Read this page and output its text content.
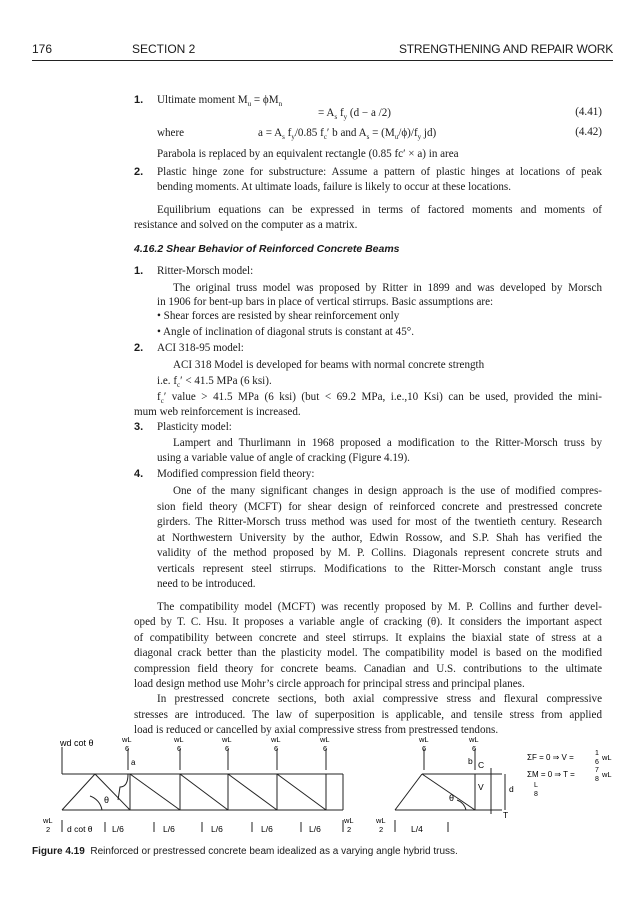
176	SECTION 2	STRENGTHENING AND REPAIR WORK
1. Ultimate moment $M_u = \phi M_n$
= $A_s$ $f_y$ (d − a /2)	(4.41)
where	$a = A_s$ $f_y/0.85$ $f_c'$ b and $A_s = (M_u/\phi)/f_y$ jd)	(4.42)
Parabola is replaced by an equivalent rectangle (0.85 fc′ × a) in area
2. Plastic hinge zone for substructure: Assume a pattern of plastic hinges at locations of peak
bending moments. At ultimate loads, failure is likely to occur at these locations.
Equilibrium equations can be expressed in terms of factored moments and moments of
resistance and solved on the computer as a matrix.
4.16.2 Shear Behavior of Reinforced Concrete Beams
1. Ritter-Morsch model:
The original truss model was proposed by Ritter in 1899 and was developed by Morsch
in 1906 for bent-up bars in place of vertical stirrups. Basic assumptions are:
• Shear forces are resisted by shear reinforcement only
• Angle of inclination of diagonal struts is constant at 45°.
2. ACI 318-95 model:
ACI 318 Model is developed for beams with normal concrete strength
i.e. $f_c' < 41.5$ MPa (6 ksi).
$f_c'$ value > 41.5 MPa (6 ksi) (but < 69.2 MPa, i.e.,10 Ksi) can be used, provided the mini-
mum web reinforcement is increased.
3. Plasticity model:
Lampert and Thurlimann in 1968 proposed a modification to the Ritter-Morsch truss by
using a variable value of angle of cracking (Figure 4.19).
4. Modified compression field theory:
One of the many significant changes in design approach is the use of modified compres-
sion field theory (MCFT) for shear design of reinforced concrete and prestressed concrete
girders. The Ritter-Morsch truss method was used for most of the twentieth century. Research
at Northwestern University by the author, Edwin Rossow, and S.P. Shah has verified the
validity of the method proposed by M. P. Collins. Diagonals represent concrete struts and
verticals represent steel stirrups. Modifications to the Ritter-Morsch constant angle truss
need to be introduced.
The compatibility model (MCFT) was recently proposed by M. P. Collins and further devel-
oped by T. C. Hsu. It proposes a variable angle of cracking (θ). It considers the important aspect
of compatibility between concrete and steel stirrups. It explains the biaxial state of stress at a
diagonal crack better than the plasticity model. The compatibility model is based on the modified
compression field theory for concrete beams. Canadian and U.S. contributions to the ultimate
load design method use Mohr’s circle approach for principal stress and principal planes.
In prestressed concrete sections, both axial compressive stress and flexural compressive
stresses are introduced. The law of superposition is applicable, and tensile stress from applied
load is reduced or cancelled by axial compressive stress from prestressed tendons.
wd cot θ	wL
6
wL
6
wL
6
wL
6
wL
6
a
θ
wL
2 d cot θ L/6	L/6	L/6	L/6	L/6
wL
2
wL
6
wL
6
C
b
V
θ
d	L
8
T
wL
2	L/4
ΣF = 0 ⇒ V =	1
6
wL
ΣM = 0 ⇒ T =	7
8
wL
Figure 4.19 Reinforced or prestressed concrete beam idealized as a varying angle hybrid truss.
